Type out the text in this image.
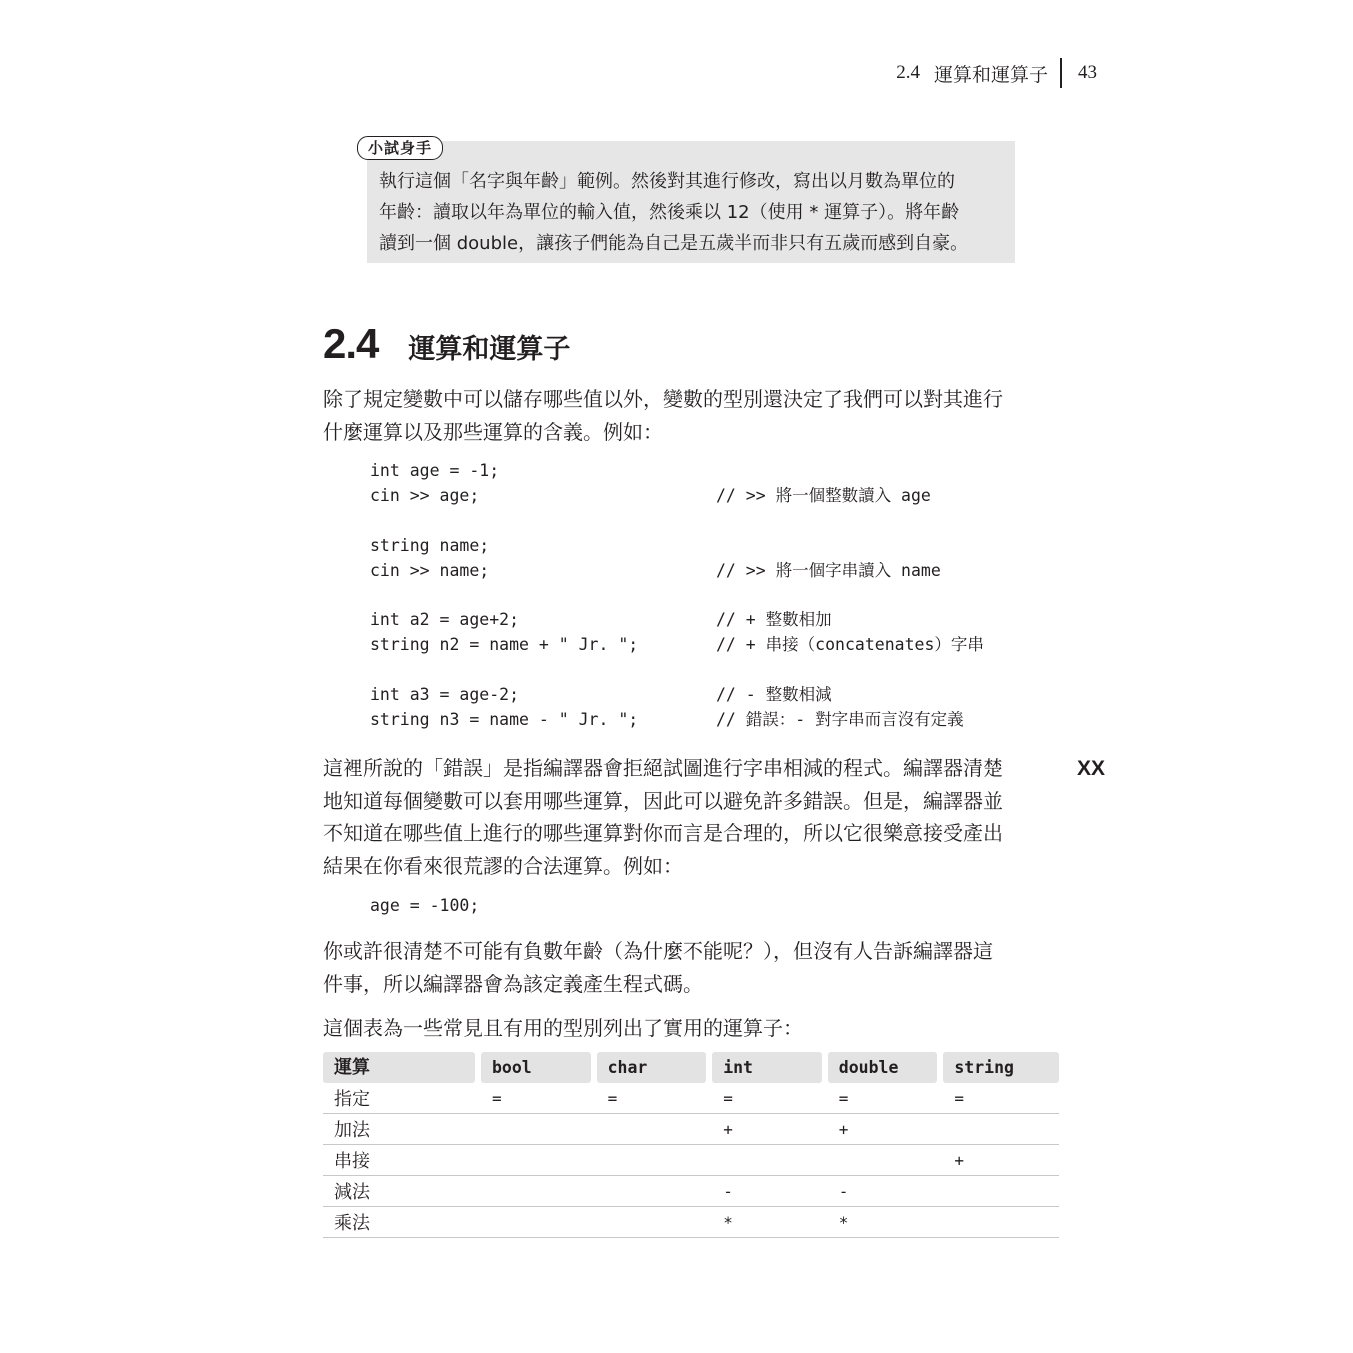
2.4 運算和運算子 43
小試身手
執行這個「名字與年齡」範例。然後對其進行修改，寫出以月數為單位的
年齡：讀取以年為單位的輸入值，然後乘以 12（使用 * 運算子）。將年齡
讀到一個 double，讓孩子們能為自己是五歲半而非只有五歲而感到自豪。
2.4 運算和運算子
除了規定變數中可以儲存哪些值以外，變數的型別還決定了我們可以對其進行
什麼運算以及那些運算的含義。例如：
int age = -1;
cin >> age;	// >> 將一個整數讀入 age
string name;
cin >> name;	// >> 將一個字串讀入 name
int a2 = age+2;	// + 整數相加
string n2 = name + " Jr. ";	// + 串接（concatenates）字串
int a3 = age-2;	// - 整數相減
string n3 = name - " Jr. ";	// 錯誤：- 對字串而言沒有定義
這裡所說的「錯誤」是指編譯器會拒絕試圖進行字串相減的程式。編譯器清楚
地知道每個變數可以套用哪些運算，因此可以避免許多錯誤。但是，編譯器並
不知道在哪些值上進行的哪些運算對你而言是合理的，所以它很樂意接受產出
結果在你看來很荒謬的合法運算。例如：
XX
age = -100;
你或許很清楚不可能有負數年齡（為什麼不能呢？），但沒有人告訴編譯器這
件事，所以編譯器會為該定義產生程式碼。
這個表為一些常見且有用的型別列出了實用的運算子：
運算	bool	char	int	double	string

指定	=	=	=	=	=
加法			+	+	
串接					+
減法			-	-	
乘法			*	*	
